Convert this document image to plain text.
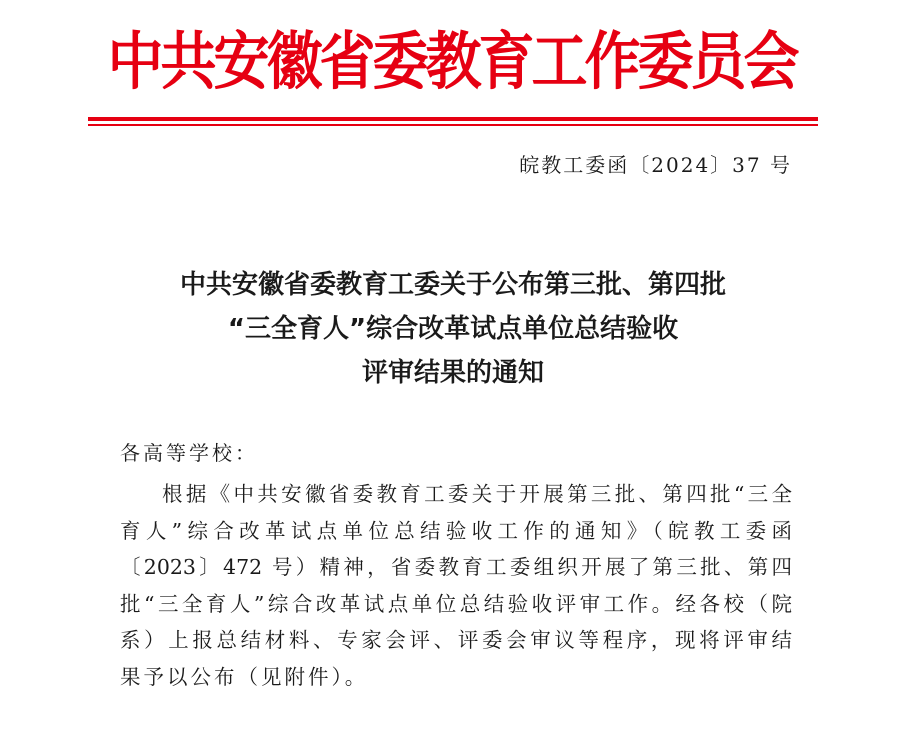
中共安徽省委教育工作委员会
皖教工委函〔2024〕37 号
中共安徽省委教育工委关于公布第三批、第四批
“三全育人”综合改革试点单位总结验收
评审结果的通知
各高等学校：
根据《中共安徽省委教育工委关于开展第三批、第四批“三全
育人”综合改革试点单位总结验收工作的通知》（皖教工委函
〔2023〕472 号）精神，省委教育工委组织开展了第三批、第四
批“三全育人”综合改革试点单位总结验收评审工作。经各校（院
系）上报总结材料、专家会评、评委会审议等程序，现将评审结
果予以公布（见附件）。
